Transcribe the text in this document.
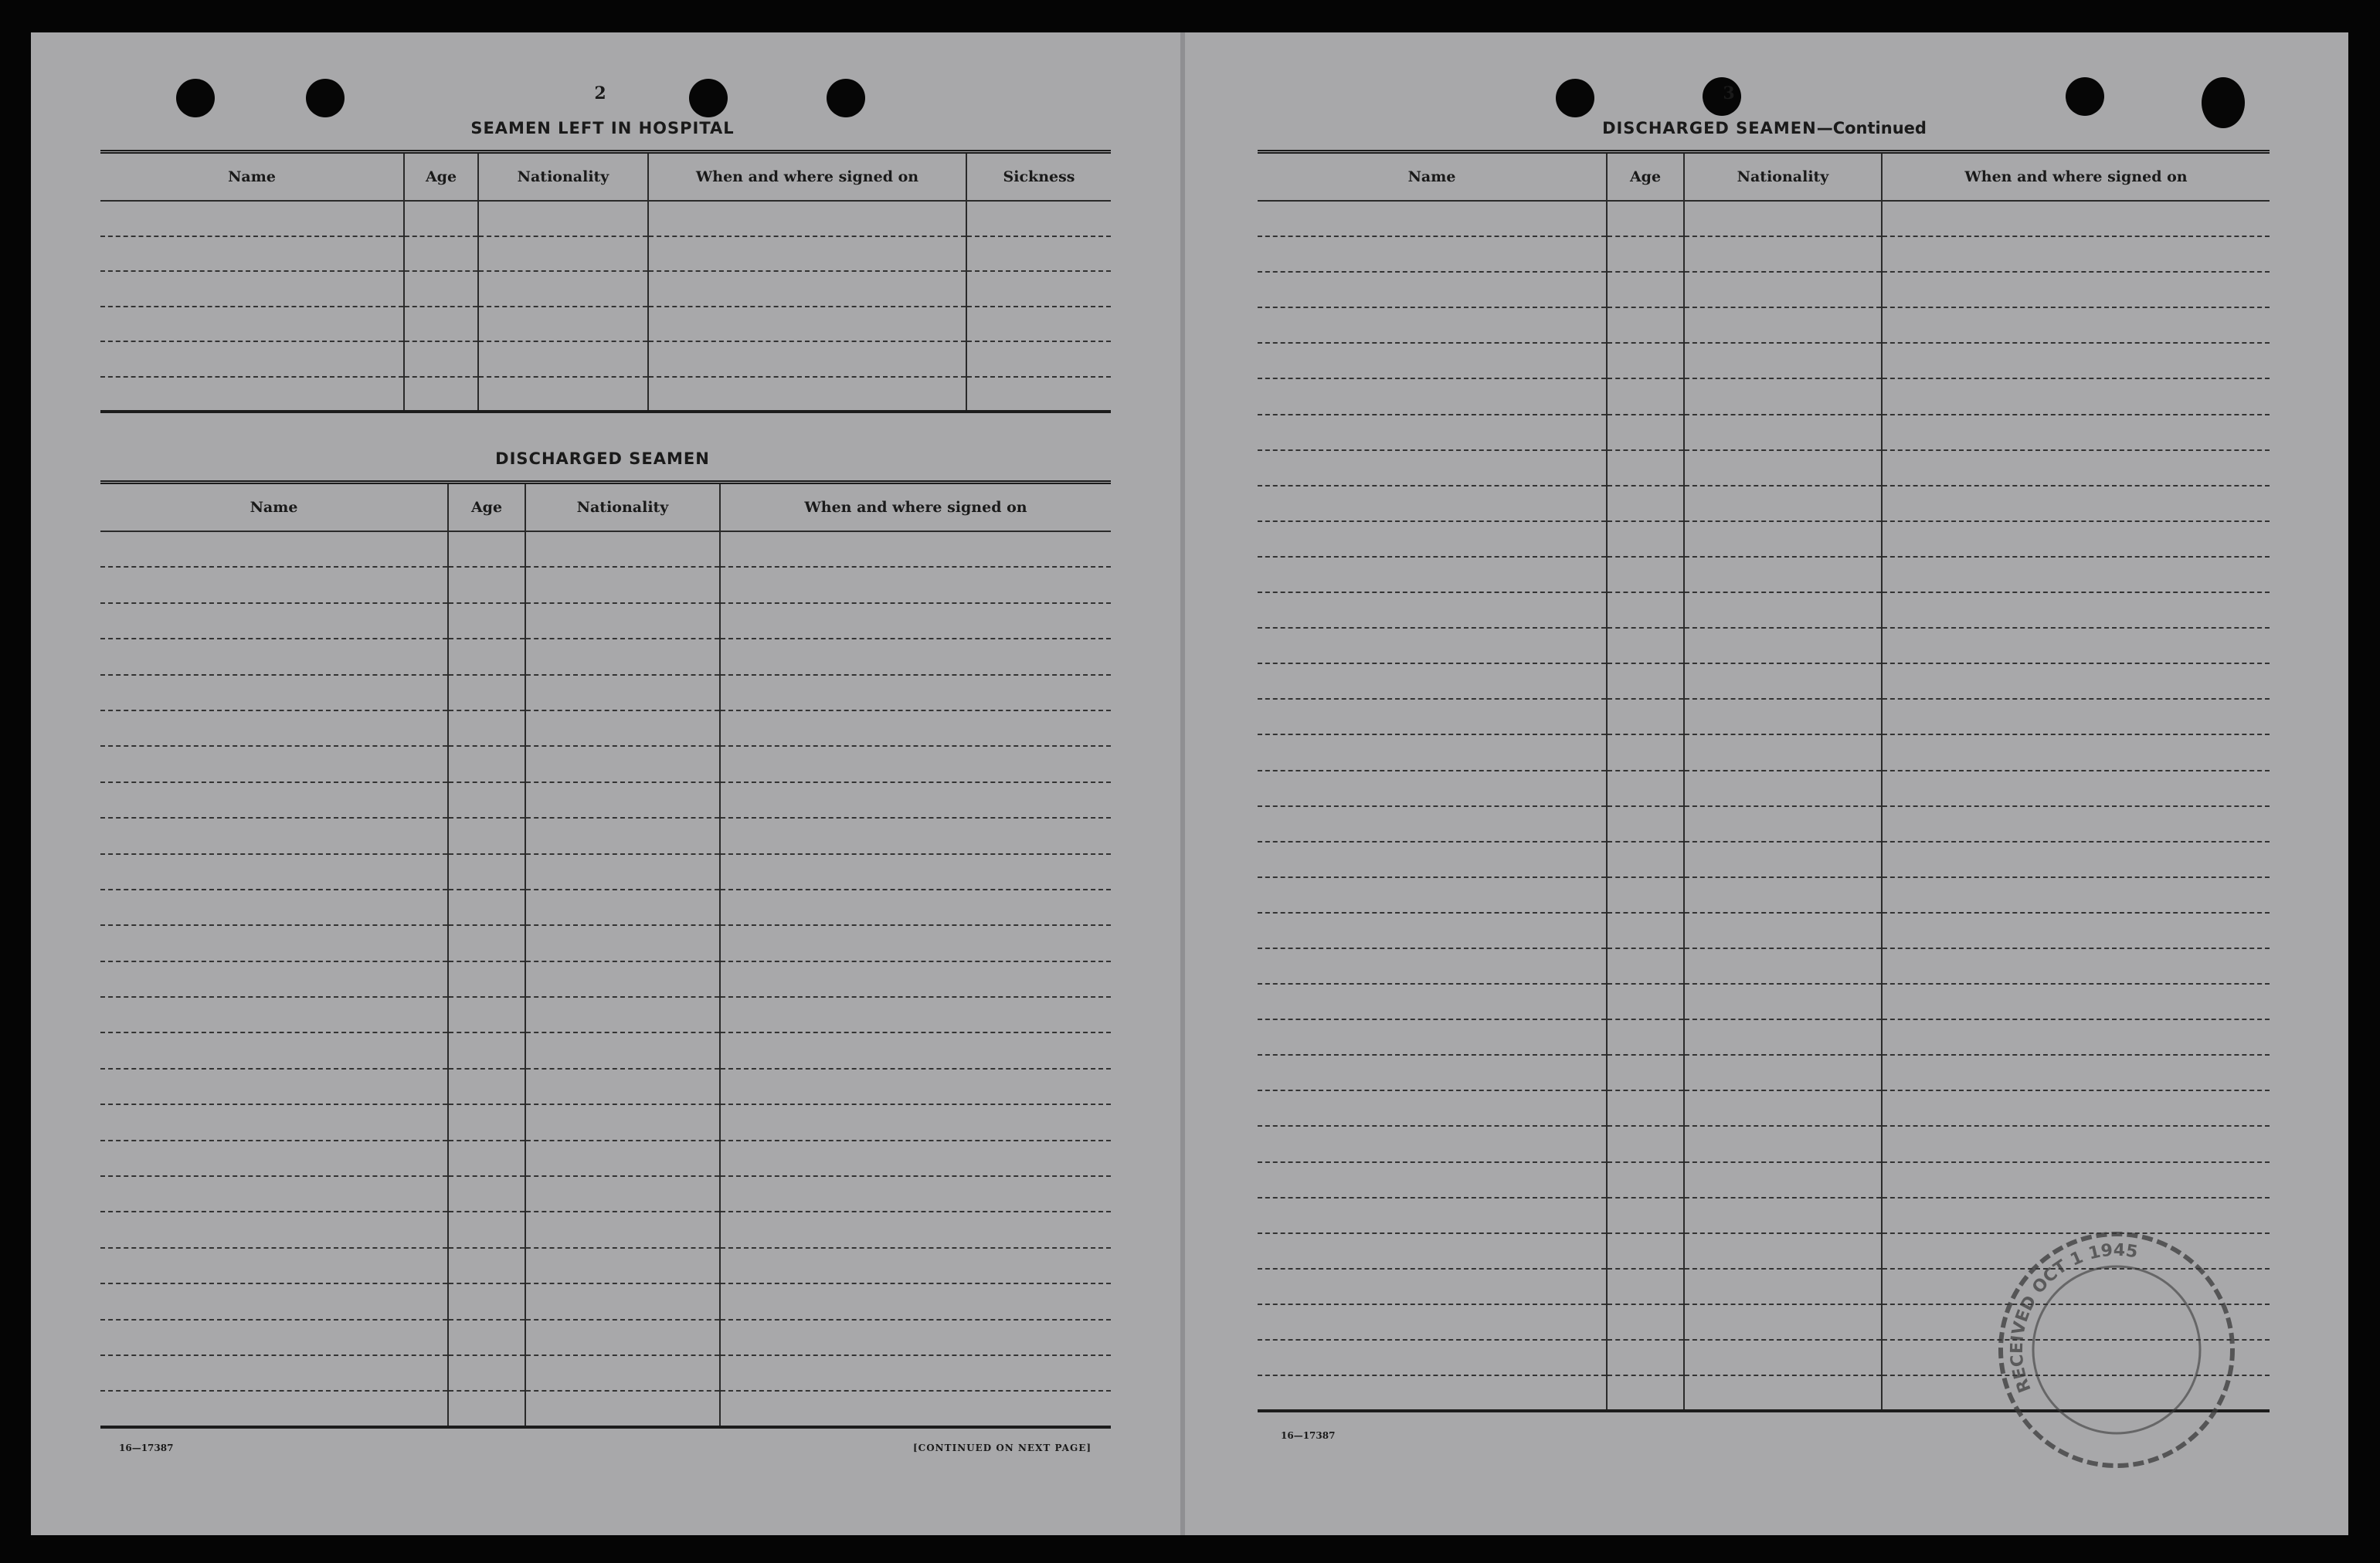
2
SEAMEN LEFT IN HOSPITAL
Name	Age	Nationality	When and where signed on	Sickness

DISCHARGED SEAMEN
Name	Age	Nationality	When and where signed on

16—17387	[CONTINUED ON NEXT PAGE]
3
DISCHARGED SEAMEN—Continued
Name	Age	Nationality	When and where signed on

16—17387
RECEIVED OCT 1 1945
